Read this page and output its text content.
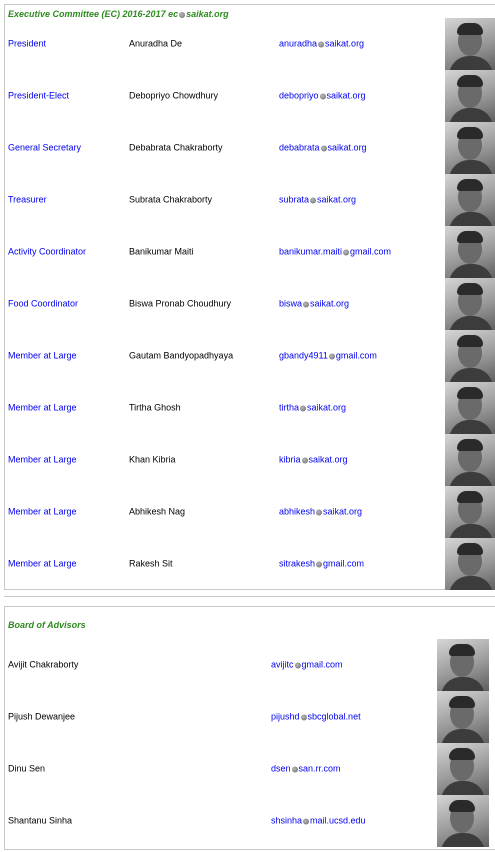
Executive Committee (EC) 2016-2017 ec saikat.org
President	Anuradha De	anuradha saikat.org
President-Elect	Debopriyo Chowdhury	debopriyo saikat.org
General Secretary	Debabrata Chakraborty	debabrata saikat.org
Treasurer	Subrata Chakraborty	subrata saikat.org
Activity Coordinator	Banikumar Maiti	banikumar.maiti gmail.com
Food Coordinator	Biswa Pronab Choudhury	biswa saikat.org
Member at Large	Gautam Bandyopadhyaya	gbandy4911 gmail.com
Member at Large	Tirtha Ghosh	tirtha saikat.org
Member at Large	Khan Kibria	kibria saikat.org
Member at Large	Abhikesh Nag	abhikesh saikat.org
Member at Large	Rakesh Sit	sitrakesh gmail.com
Board of Advisors
Avijit Chakraborty	avijitc gmail.com
Pijush Dewanjee	pijushd sbcglobal.net
Dinu Sen	dsen san.rr.com
Shantanu Sinha	shsinha mail.ucsd.edu
